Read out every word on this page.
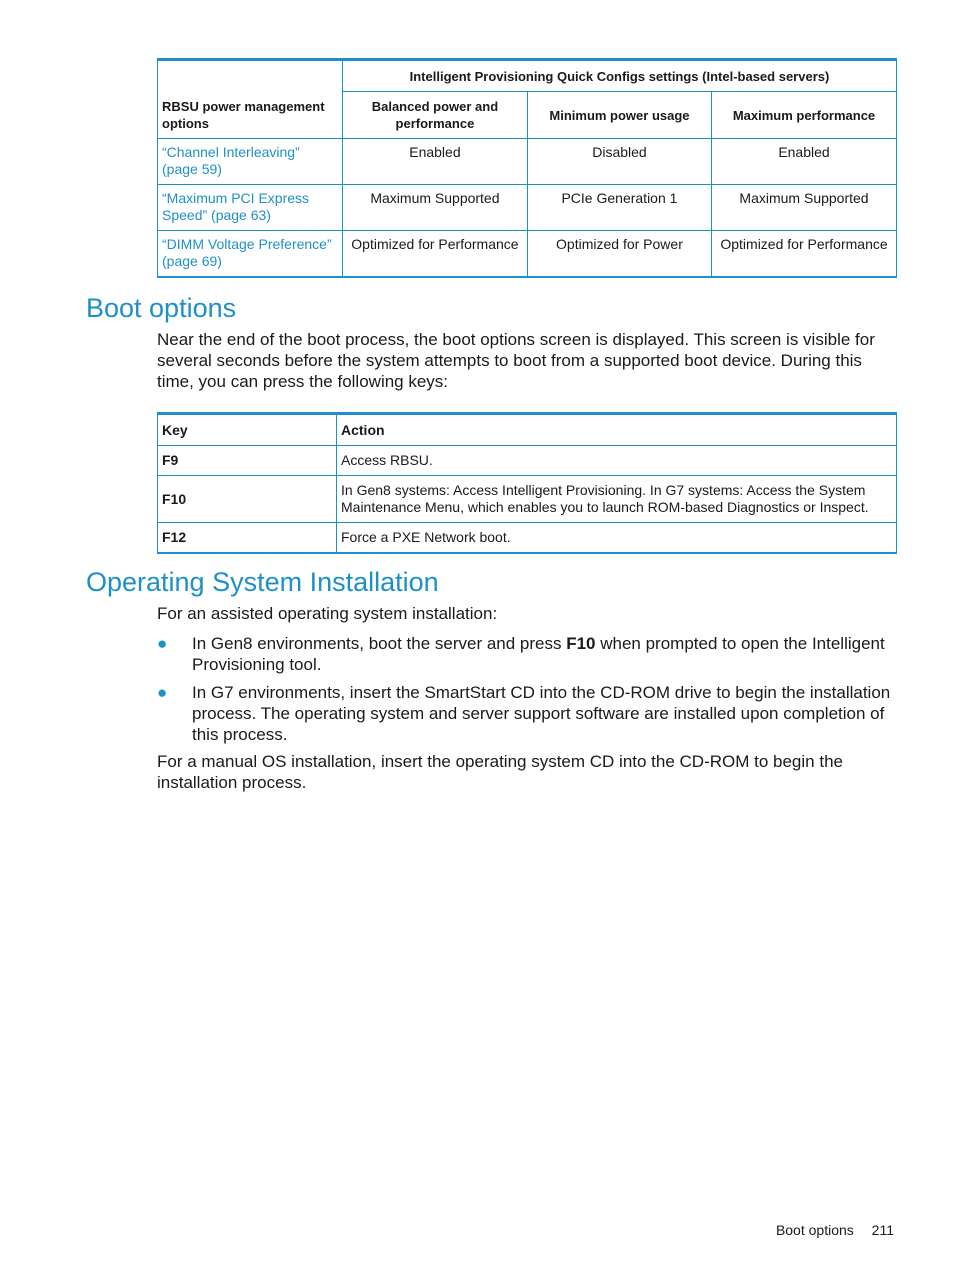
RBSU power management options	Intelligent Provisioning Quick Configs settings (Intel-based servers)		
	Balanced power and performance	Minimum power usage	Maximum performance
“Channel Interleaving” (page 59)	Enabled	Disabled	Enabled
“Maximum PCI Express Speed” (page 63)	Maximum Supported	PCIe Generation 1	Maximum Supported
“DIMM Voltage Preference” (page 69)	Optimized for Performance	Optimized for Power	Optimized for Performance
Boot options

Near the end of the boot process, the boot options screen is displayed. This screen is visible for several seconds before the system attempts to boot from a supported boot device. During this time, you can press the following keys:

Key	Action
F9	Access RBSU.
F10	In Gen8 systems: Access Intelligent Provisioning. In G7 systems: Access the System Maintenance Menu, which enables you to launch ROM-based Diagnostics or Inspect.
F12	Force a PXE Network boot.
Operating System Installation

For an assisted operating system installation:

● In Gen8 environments, boot the server and press F10 when prompted to open the Intelligent Provisioning tool.
● In G7 environments, insert the SmartStart CD into the CD-ROM drive to begin the installation process. The operating system and server support software are installed upon completion of this process.

For a manual OS installation, insert the operating system CD into the CD-ROM to begin the installation process.

Boot options 211
